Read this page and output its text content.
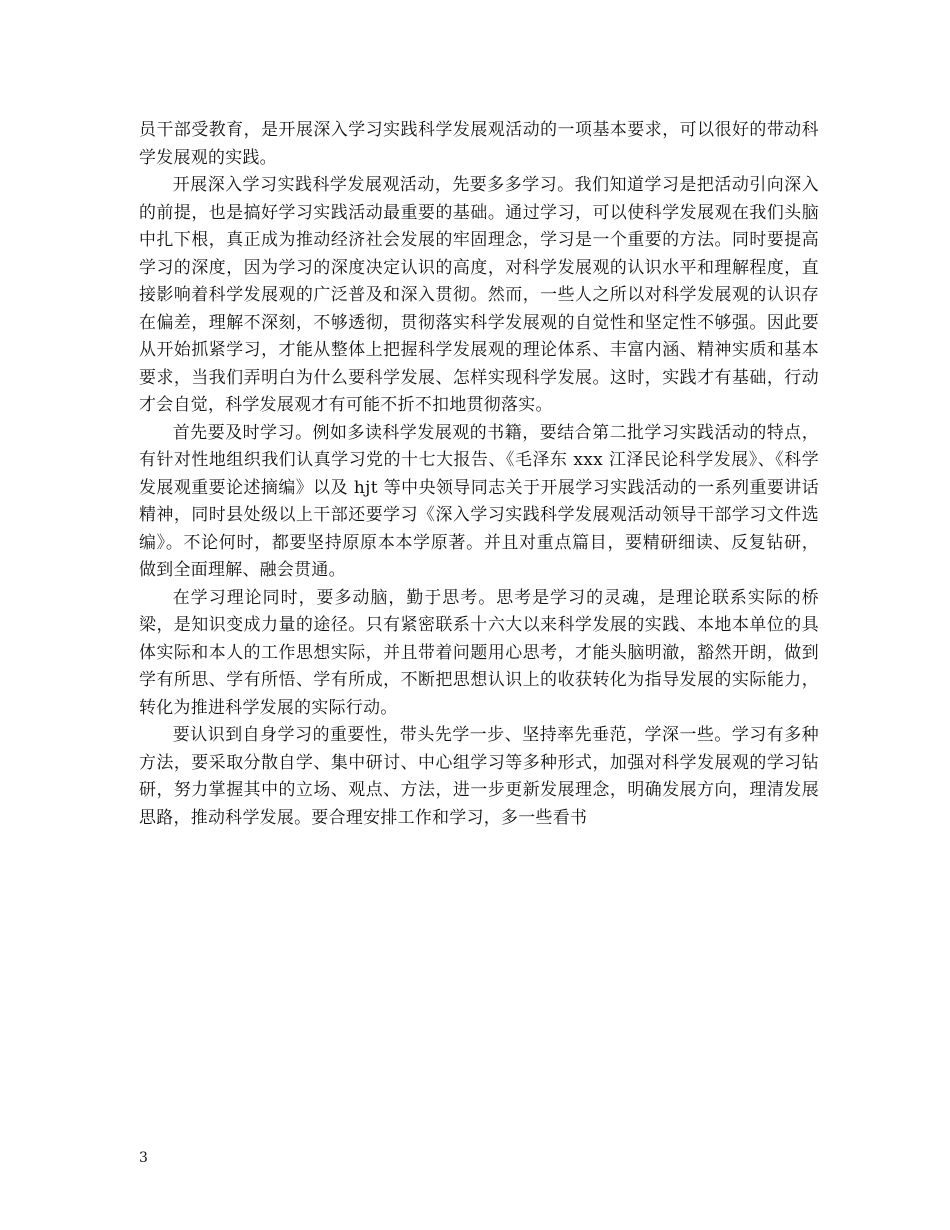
员干部受教育，是开展深入学习实践科学发展观活动的一项基本要求，可以很好的带动科学发展观的实践。

开展深入学习实践科学发展观活动，先要多多学习。我们知道学习是把活动引向深入的前提，也是搞好学习实践活动最重要的基础。通过学习，可以使科学发展观在我们头脑中扎下根，真正成为推动经济社会发展的牢固理念，学习是一个重要的方法。同时要提高学习的深度，因为学习的深度决定认识的高度，对科学发展观的认识水平和理解程度，直接影响着科学发展观的广泛普及和深入贯彻。然而，一些人之所以对科学发展观的认识存在偏差，理解不深刻，不够透彻，贯彻落实科学发展观的自觉性和坚定性不够强。因此要从开始抓紧学习，才能从整体上把握科学发展观的理论体系、丰富内涵、精神实质和基本要求，当我们弄明白为什么要科学发展、怎样实现科学发展。这时，实践才有基础，行动才会自觉，科学发展观才有可能不折不扣地贯彻落实。

首先要及时学习。例如多读科学发展观的书籍，要结合第二批学习实践活动的特点，有针对性地组织我们认真学习党的十七大报告、《毛泽东 xxx 江泽民论科学发展》、《科学发展观重要论述摘编》以及 hjt 等中央领导同志关于开展学习实践活动的一系列重要讲话精神，同时县处级以上干部还要学习《深入学习实践科学发展观活动领导干部学习文件选编》。不论何时，都要坚持原原本本学原著。并且对重点篇目，要精研细读、反复钻研，做到全面理解、融会贯通。

在学习理论同时，要多动脑，勤于思考。思考是学习的灵魂，是理论联系实际的桥梁，是知识变成力量的途径。只有紧密联系十六大以来科学发展的实践、本地本单位的具体实际和本人的工作思想实际，并且带着问题用心思考，才能头脑明澈，豁然开朗，做到学有所思、学有所悟、学有所成，不断把思想认识上的收获转化为指导发展的实际能力，转化为推进科学发展的实际行动。

要认识到自身学习的重要性，带头先学一步、坚持率先垂范，学深一些。学习有多种方法，要采取分散自学、集中研讨、中心组学习等多种形式，加强对科学发展观的学习钻研，努力掌握其中的立场、观点、方法，进一步更新发展理念，明确发展方向，理清发展思路，推动科学发展。要合理安排工作和学习，多一些看书

3
